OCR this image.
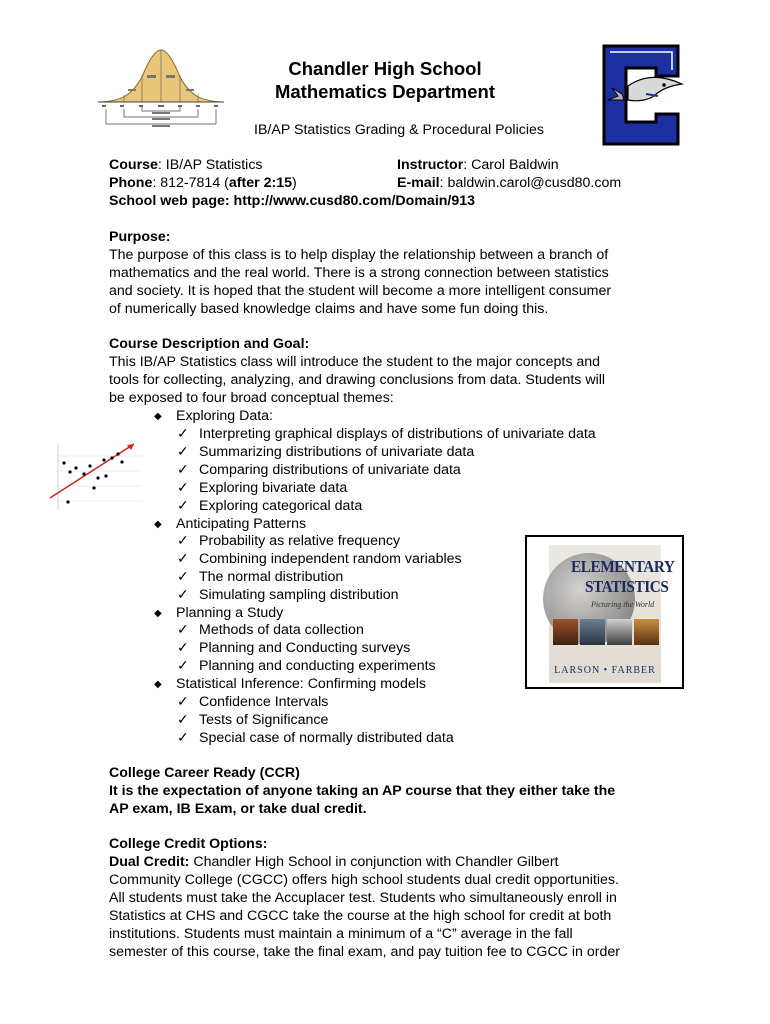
Chandler High School
Mathematics Department
IB/AP Statistics Grading & Procedural Policies
Course: IB/AP Statistics	Instructor: Carol Baldwin
Phone: 812-7814 (after 2:15)	E-mail: baldwin.carol@cusd80.com
School web page: http://www.cusd80.com/Domain/913
Purpose:
The purpose of this class is to help display the relationship between a branch of
mathematics and the real world. There is a strong connection between statistics
and society. It is hoped that the student will become a more intelligent consumer
of numerically based knowledge claims and have some fun doing this.
Course Description and Goal:
This IB/AP Statistics class will introduce the student to the major concepts and
tools for collecting, analyzing, and drawing conclusions from data. Students will
be exposed to four broad conceptual themes:
◆ Exploring Data:
✓ Interpreting graphical displays of distributions of univariate data
✓ Summarizing distributions of univariate data
✓ Comparing distributions of univariate data
✓ Exploring bivariate data
✓ Exploring categorical data
◆ Anticipating Patterns
✓ Probability as relative frequency
✓ Combining independent random variables
✓ The normal distribution
✓ Simulating sampling distribution
◆ Planning a Study
✓ Methods of data collection
✓ Planning and Conducting surveys
✓ Planning and conducting experiments
◆ Statistical Inference: Confirming models
✓ Confidence Intervals
✓ Tests of Significance
✓ Special case of normally distributed data
ELEMENTARY
STATISTICS
Picturing the World
LARSON • FARBER
College Career Ready (CCR)
It is the expectation of anyone taking an AP course that they either take the
AP exam, IB Exam, or take dual credit.
College Credit Options:
Dual Credit: Chandler High School in conjunction with Chandler Gilbert
Community College (CGCC) offers high school students dual credit opportunities.
All students must take the Accuplacer test. Students who simultaneously enroll in
Statistics at CHS and CGCC take the course at the high school for credit at both
institutions. Students must maintain a minimum of a “C” average in the fall
semester of this course, take the final exam, and pay tuition fee to CGCC in order
